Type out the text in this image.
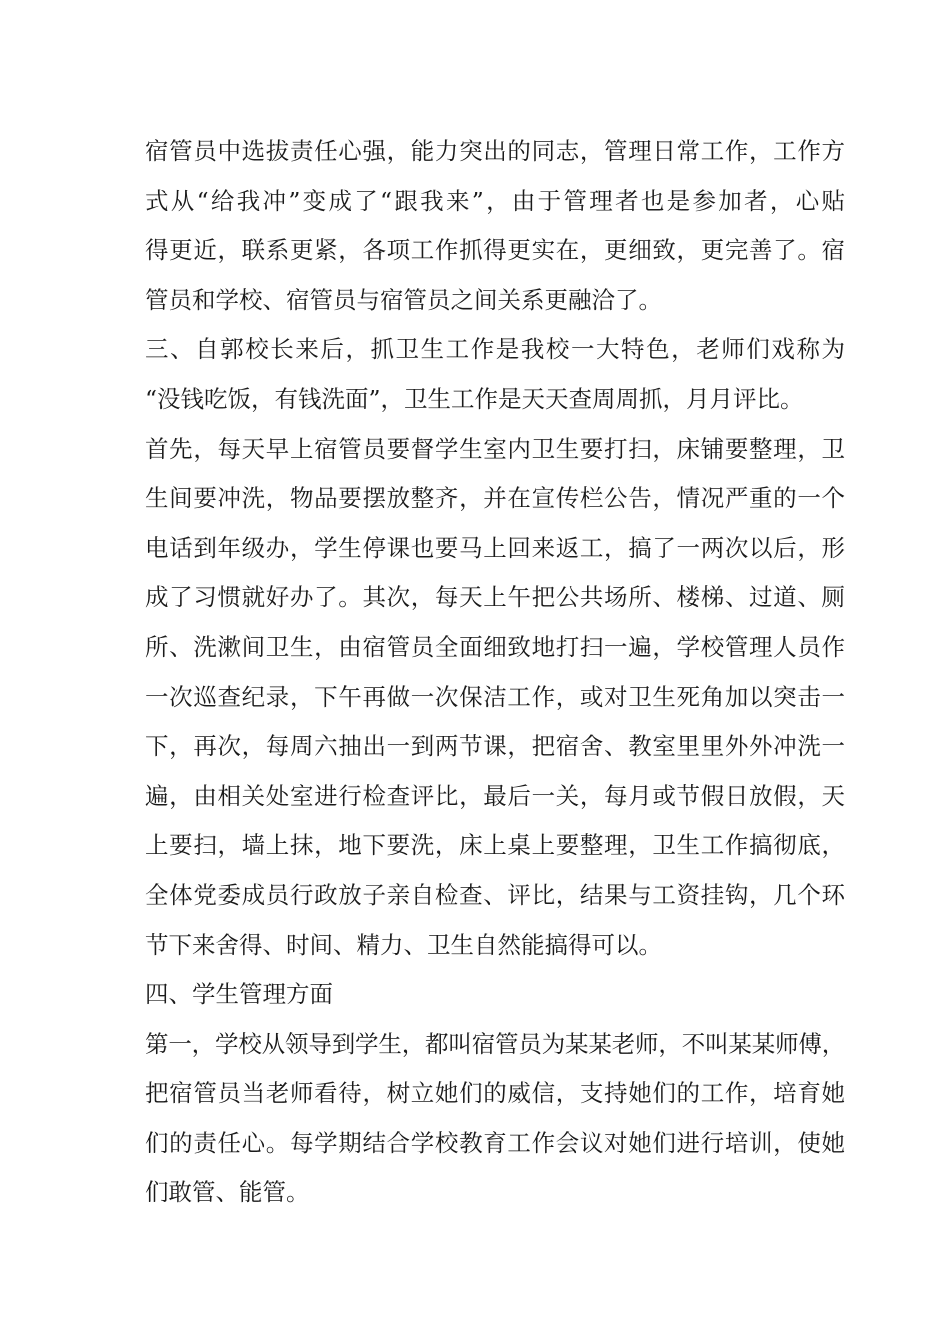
宿管员中选拔责任心强，能力突出的同志，管理日常工作，工作方
式从“给我冲”变成了“跟我来”，由于管理者也是参加者，心贴
得更近，联系更紧，各项工作抓得更实在，更细致，更完善了。宿
管员和学校、宿管员与宿管员之间关系更融洽了。
三、自郭校长来后，抓卫生工作是我校一大特色，老师们戏称为
“没钱吃饭，有钱洗面”，卫生工作是天天查周周抓，月月评比。
首先，每天早上宿管员要督学生室内卫生要打扫，床铺要整理，卫
生间要冲洗，物品要摆放整齐，并在宣传栏公告，情况严重的一个
电话到年级办，学生停课也要马上回来返工，搞了一两次以后，形
成了习惯就好办了。其次，每天上午把公共场所、楼梯、过道、厕
所、洗漱间卫生，由宿管员全面细致地打扫一遍，学校管理人员作
一次巡查纪录，下午再做一次保洁工作，或对卫生死角加以突击一
下，再次，每周六抽出一到两节课，把宿舍、教室里里外外冲洗一
遍，由相关处室进行检查评比，最后一关，每月或节假日放假，天
上要扫，墙上抹，地下要洗，床上桌上要整理，卫生工作搞彻底，
全体党委成员行政放子亲自检查、评比，结果与工资挂钩，几个环
节下来舍得、时间、精力、卫生自然能搞得可以。
四、学生管理方面
第一，学校从领导到学生，都叫宿管员为某某老师，不叫某某师傅，
把宿管员当老师看待，树立她们的威信，支持她们的工作，培育她
们的责任心。每学期结合学校教育工作会议对她们进行培训，使她
们敢管、能管。
